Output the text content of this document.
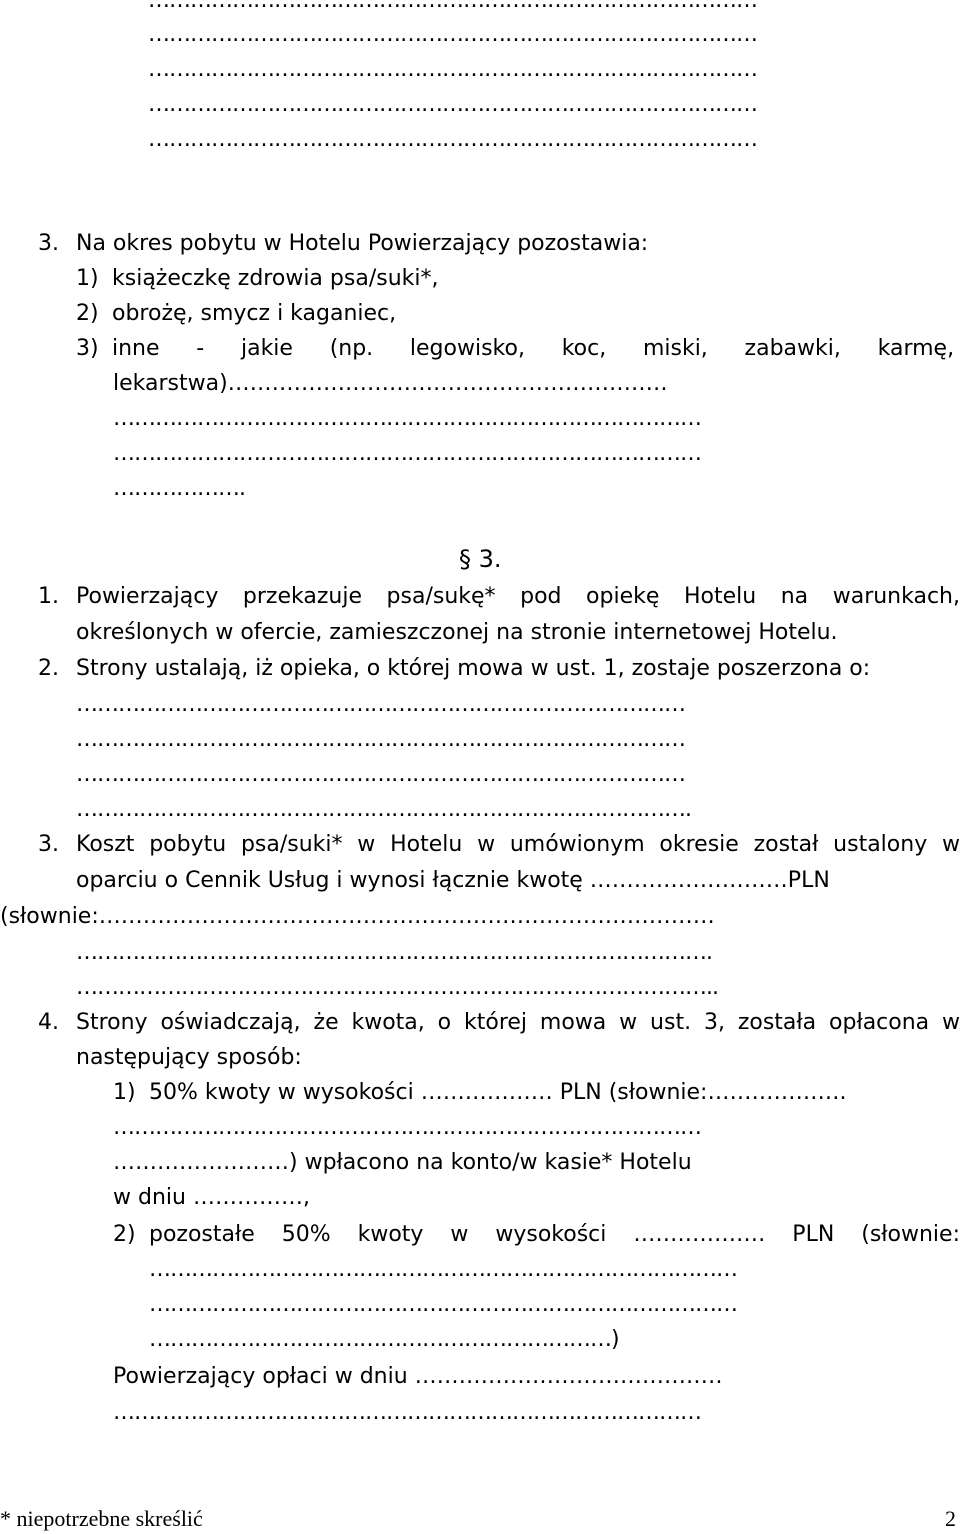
……………………………………………………………………………
……………………………………………………………………………
……………………………………………………………………………
……………………………………………………………………………
……………………………………………………………………………
3. Na okres pobytu w Hotelu Powierzający pozostawia:
1) książeczkę zdrowia psa/suki*,
2) obrożę, smycz i kaganiec,
3) inne - jakie (np. legowisko, koc, miski, zabawki, karmę,
lekarstwa)……………………………………………………
…………………………………………………………………………
…………………………………………………………………………
……………….
§ 3.
1. Powierzający przekazuje psa/sukę* pod opiekę Hotelu na warunkach,
określonych w ofercie, zamieszczonej na stronie internetowej Hotelu.
2. Strony ustalają, iż opieka, o której mowa w ust. 1, zostaje poszerzona o:
……………………………………………………………………………
……………………………………………………………………………
……………………………………………………………………………
…………………………………………………………………………….
3. Koszt pobytu psa/suki* w Hotelu w umówionym okresie został ustalony w
oparciu o Cennik Usług i wynosi łącznie kwotę ………………………PLN
(słownie:…………………………………………………………………………
……………………………………………………………………………….
………………………………………………………………………………..
4. Strony oświadczają, że kwota, o której mowa w ust. 3, została opłacona w
następujący sposób:
1) 50% kwoty w wysokości ……………… PLN (słownie:……………….
…………………………………………………………………………
……………………) wpłacono na konto/w kasie* Hotelu
w dniu ……………,
2) pozostałe 50% kwoty w wysokości ……………… PLN (słownie:
…………………………………………………………………………
…………………………………………………………………………
…………………………………………………………)
Powierzający opłaci w dniu ……………………………………
…………………………………………………………………………
* niepotrzebne skreślić	2
